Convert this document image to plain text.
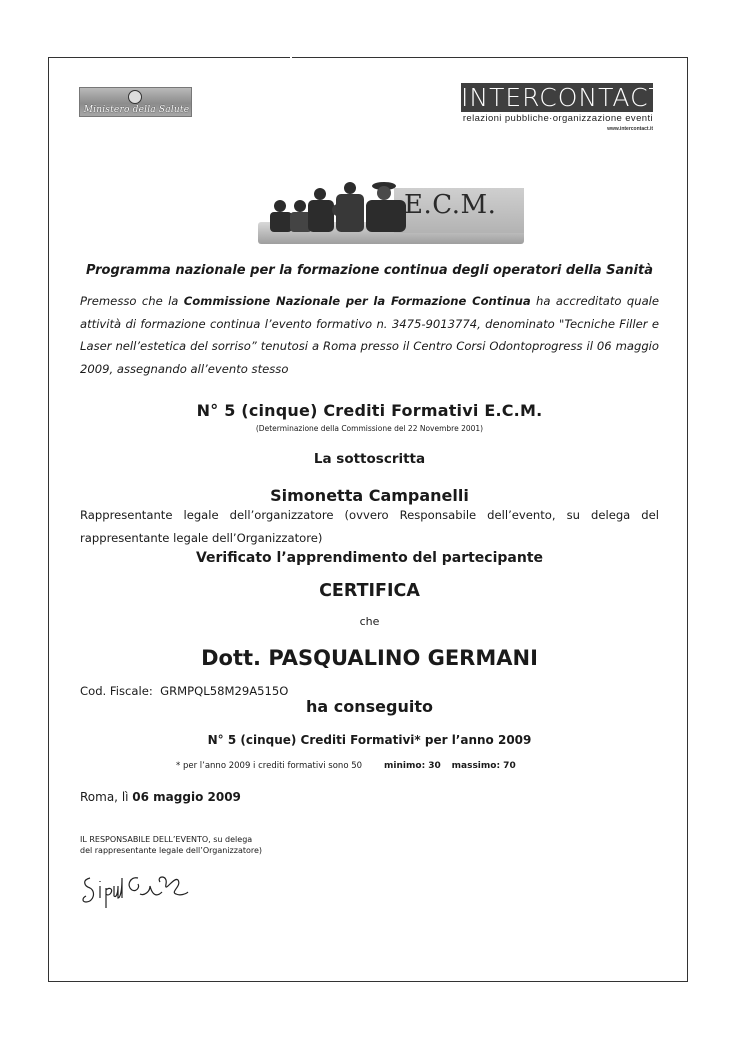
Ministero della Salute	INTERCONTACT
relazioni pubbliche·organizzazione eventi
www.intercontact.it
E.C.M.
Programma nazionale per la formazione continua degli operatori della Sanità
Premesso che la Commissione Nazionale per la Formazione Continua ha accreditato quale attività di formazione continua l’evento formativo n. 3475-9013774, denominato "Tecniche Filler e Laser nell’estetica del sorriso” tenutosi a Roma presso il Centro Corsi Odontoprogress il 06 maggio 2009, assegnando all’evento stesso
N° 5 (cinque) Crediti Formativi E.C.M.
(Determinazione della Commissione del 22 Novembre 2001)
La sottoscritta
Simonetta Campanelli
Rappresentante legale dell’organizzatore (ovvero Responsabile dell’evento, su delega del rappresentante legale dell’Organizzatore)
Verificato l’apprendimento del partecipante
CERTIFICA
che
Dott. PASQUALINO GERMANI
Cod. Fiscale: GRMPQL58M29A515O
ha conseguito
N° 5 (cinque) Crediti Formativi* per l’anno 2009
* per l’anno 2009 i crediti formativi sono 50 minimo: 30 massimo: 70
Roma, lì 06 maggio 2009
IL RESPONSABILE DELL’EVENTO, su delega
del rappresentante legale dell’Organizzatore)
